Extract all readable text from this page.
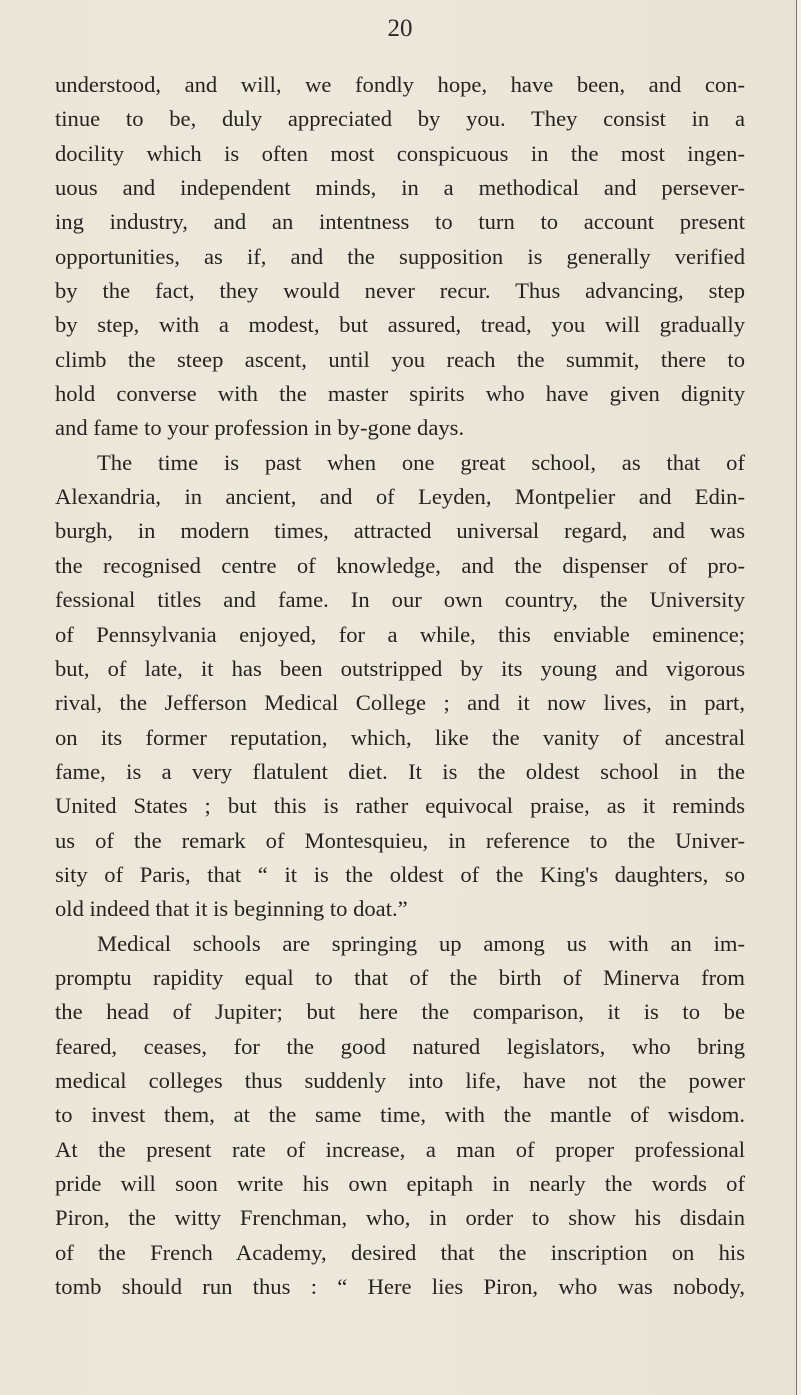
20
understood, and will, we fondly hope, have been, and con-
tinue to be, duly appreciated by you. They consist in a
docility which is often most conspicuous in the most ingen-
uous and independent minds, in a methodical and persever-
ing industry, and an intentness to turn to account present
opportunities, as if, and the supposition is generally verified
by the fact, they would never recur. Thus advancing, step
by step, with a modest, but assured, tread, you will gradually
climb the steep ascent, until you reach the summit, there to
hold converse with the master spirits who have given dignity
and fame to your profession in by-gone days.
The time is past when one great school, as that of
Alexandria, in ancient, and of Leyden, Montpelier and Edin-
burgh, in modern times, attracted universal regard, and was
the recognised centre of knowledge, and the dispenser of pro-
fessional titles and fame. In our own country, the University
of Pennsylvania enjoyed, for a while, this enviable eminence;
but, of late, it has been outstripped by its young and vigorous
rival, the Jefferson Medical College ; and it now lives, in part,
on its former reputation, which, like the vanity of ancestral
fame, is a very flatulent diet. It is the oldest school in the
United States ; but this is rather equivocal praise, as it reminds
us of the remark of Montesquieu, in reference to the Univer-
sity of Paris, that “ it is the oldest of the King's daughters, so
old indeed that it is beginning to doat.”
Medical schools are springing up among us with an im-
promptu rapidity equal to that of the birth of Minerva from
the head of Jupiter; but here the comparison, it is to be
feared, ceases, for the good natured legislators, who bring
medical colleges thus suddenly into life, have not the power
to invest them, at the same time, with the mantle of wisdom.
At the present rate of increase, a man of proper professional
pride will soon write his own epitaph in nearly the words of
Piron, the witty Frenchman, who, in order to show his disdain
of the French Academy, desired that the inscription on his
tomb should run thus : “ Here lies Piron, who was nobody,
